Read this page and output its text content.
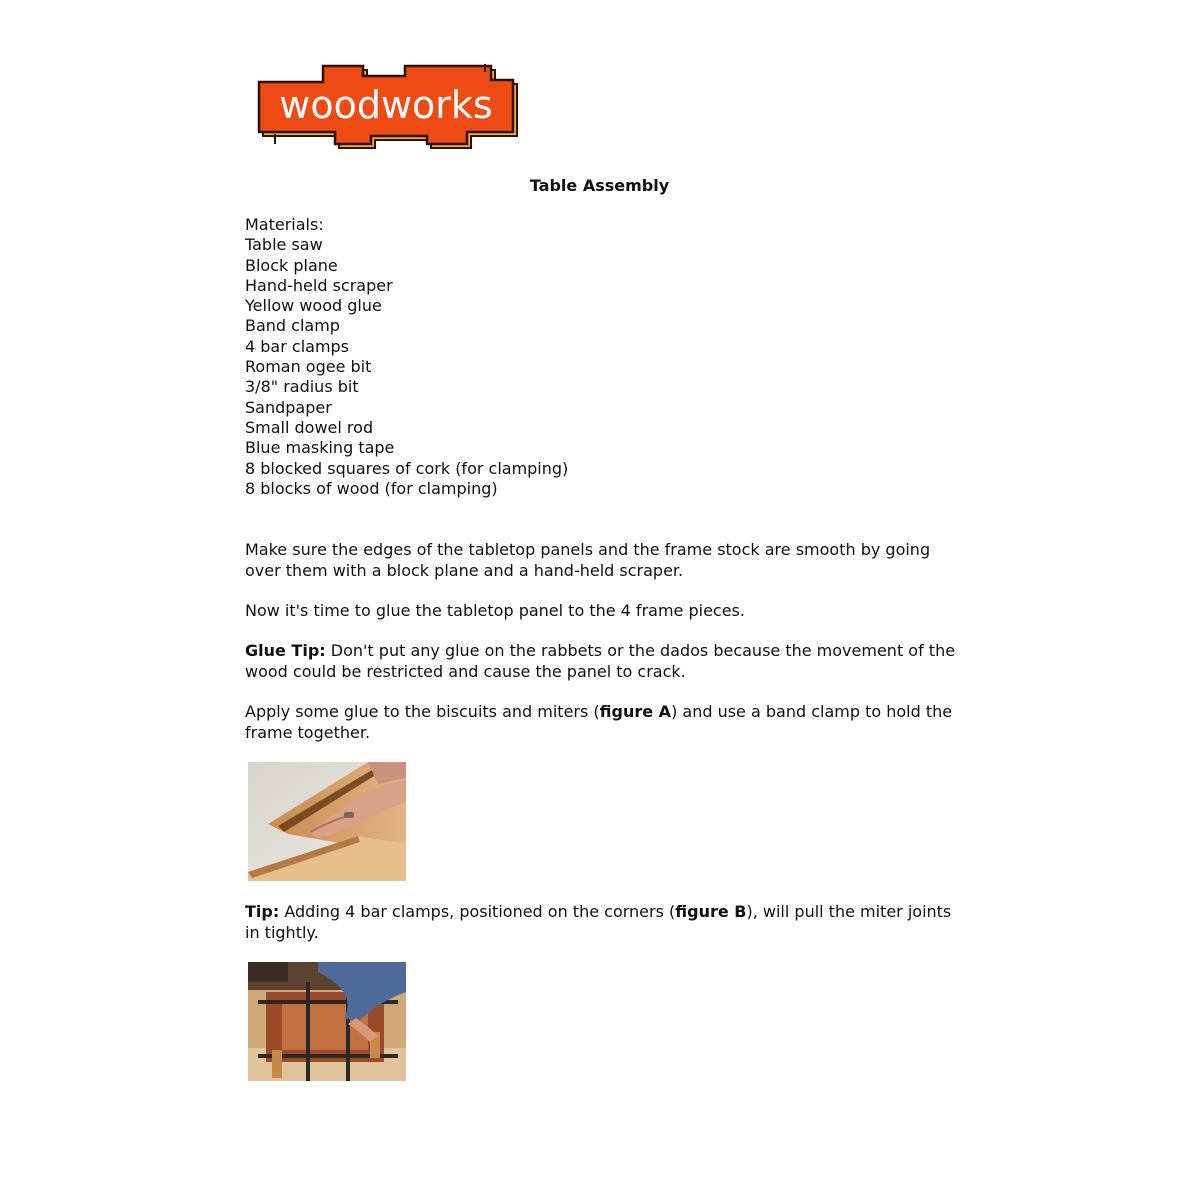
woodworks
Table Assembly
Materials:
Table saw
Block plane
Hand-held scraper
Yellow wood glue
Band clamp
4 bar clamps
Roman ogee bit
3/8" radius bit
Sandpaper
Small dowel rod
Blue masking tape
8 blocked squares of cork (for clamping)
8 blocks of wood (for clamping)

Make sure the edges of the tabletop panels and the frame stock are smooth by going over them with a block plane and a hand-held scraper.

Now it's time to glue the tabletop panel to the 4 frame pieces.

Glue Tip: Don't put any glue on the rabbets or the dados because the movement of the wood could be restricted and cause the panel to crack.

Apply some glue to the biscuits and miters (figure A) and use a band clamp to hold the frame together.

Tip: Adding 4 bar clamps, positioned on the corners (figure B), will pull the miter joints in tightly.
